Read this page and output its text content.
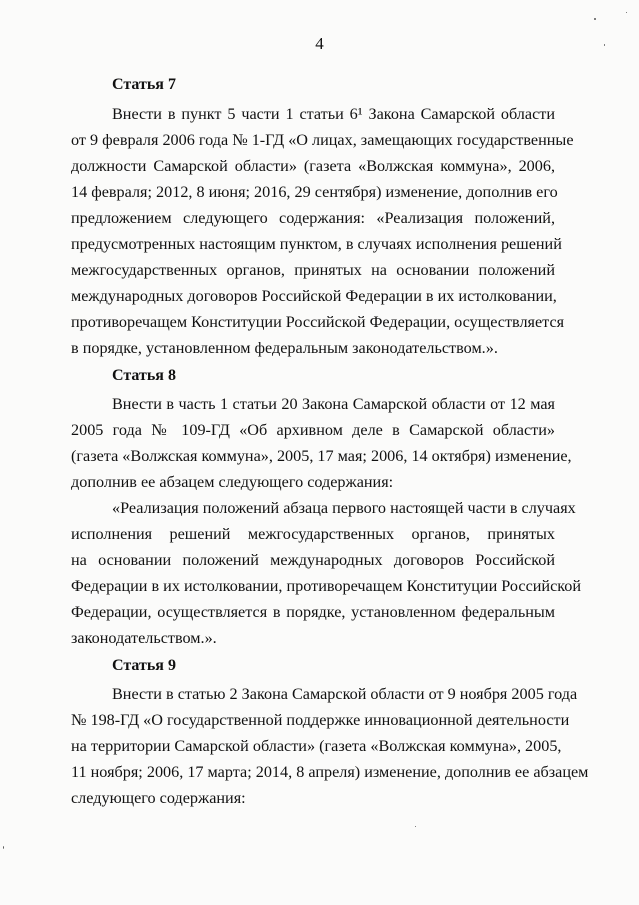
4
Статья 7
Внести в пункт 5 части 1 статьи 6¹ Закона Самарской области
от 9 февраля 2006 года № 1-ГД «О лицах, замещающих государственные
должности Самарской области» (газета «Волжская коммуна», 2006,
14 февраля; 2012, 8 июня; 2016, 29 сентября) изменение, дополнив его
предложением следующего содержания: «Реализация положений,
предусмотренных настоящим пунктом, в случаях исполнения решений
межгосударственных органов, принятых на основании положений
международных договоров Российской Федерации в их истолковании,
противоречащем Конституции Российской Федерации, осуществляется
в порядке, установленном федеральным законодательством.».
Статья 8
Внести в часть 1 статьи 20 Закона Самарской области от 12 мая
2005 года № 109-ГД «Об архивном деле в Самарской области»
(газета «Волжская коммуна», 2005, 17 мая; 2006, 14 октября) изменение,
дополнив ее абзацем следующего содержания:
«Реализация положений абзаца первого настоящей части в случаях
исполнения решений межгосударственных органов, принятых
на основании положений международных договоров Российской
Федерации в их истолковании, противоречащем Конституции Российской
Федерации, осуществляется в порядке, установленном федеральным
законодательством.».
Статья 9
Внести в статью 2 Закона Самарской области от 9 ноября 2005 года
№ 198-ГД «О государственной поддержке инновационной деятельности
на территории Самарской области» (газета «Волжская коммуна», 2005,
11 ноября; 2006, 17 марта; 2014, 8 апреля) изменение, дополнив ее абзацем
следующего содержания:
